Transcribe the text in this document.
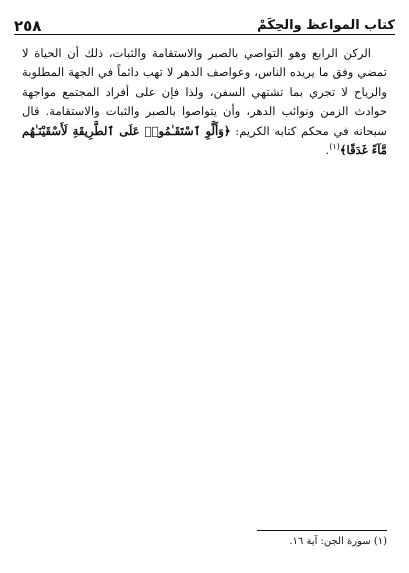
كتاب المواعظ والحِكَمْ
٢٥٨

الركن الرابع وهو التواصي بالصبر والاستقامة والثبات، ذلك أن الحياة لا تمضي وفق ما يريده الناس، وعواصف الدهر لا تهب دائماً في الجهة المطلوبة والرياح لا تجري بما تشتهي السفن، ولذا فإن على أفراد المجتمع مواجهة حوادث الزمن ونوائب الدهر، وأن يتواصوا بالصبر والثبات والاستقامة. قال سبحانه في محكم كتابه الكريم: ﴿وَأَلَّوِ ٱسْتَقَـٰمُوا۟ عَلَى ٱلطَّرِيقَةِ لَأَسْقَيْنَـٰهُم مَّآءً غَدَقًا﴾$^{(١)}$.

(١) سورة الجن: آية ١٦.
